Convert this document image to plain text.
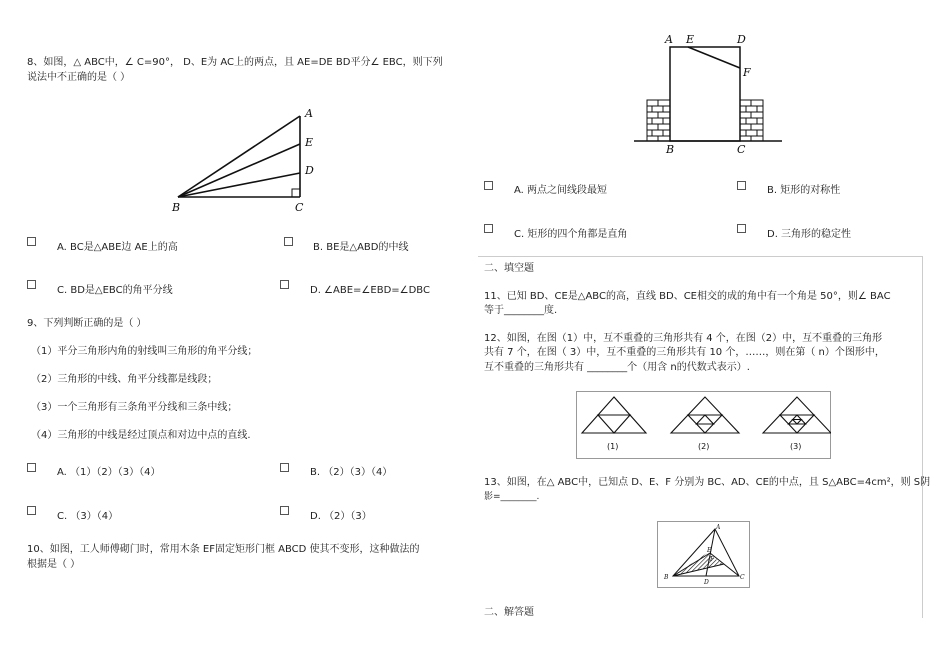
8、如图，△ ABC中，∠ C=90°， D、E为 AC上的两点，且 AE=DE BD平分∠ EBC，则下列
说法中不正确的是（ ）
A
E
D
B	C
A. BC是△ABE边 AE上的高	B. BE是△ABD的中线
C. BD是△EBC的角平分线	D. ∠ABE=∠EBD=∠DBC
9、下列判断正确的是（ ）
（1）平分三角形内角的射线叫三角形的角平分线；
（2）三角形的中线、角平分线都是线段；
（3）一个三角形有三条角平分线和三条中线；
（4）三角形的中线是经过顶点和对边中点的直线.
A. （1）（2）（3）（4）	B. （2）（3）（4）
C. （3）（4）	D. （2）（3）
10、如图，工人师傅砌门时，常用木条 EF固定矩形门框 ABCD 使其不变形，这种做法的
根据是（ ）
A E	D
F
B	C
A. 两点之间线段最短	B. 矩形的对称性
C. 矩形的四个角都是直角	D. 三角形的稳定性
二、填空题
11、已知 BD、CE是△ABC的高，直线 BD、CE相交的成的角中有一个角是 50°，则∠ BAC
等于________度.
12、如图，在图（1）中，互不重叠的三角形共有 4 个，在图（2）中，互不重叠的三角形
共有 7 个，在图（ 3）中，互不重叠的三角形共有 10 个，……，则在第（ n）个图形中，
互不重叠的三角形共有 ________个（用含 n的代数式表示）.
(1)	(2)	(3)
13、如图，在△ ABC中，已知点 D、E、F 分别为 BC、AD、CE的中点，且 S△ABC=4cm²，则 S阴
影=________.
A
E
F
B
D
C
二、解答题
